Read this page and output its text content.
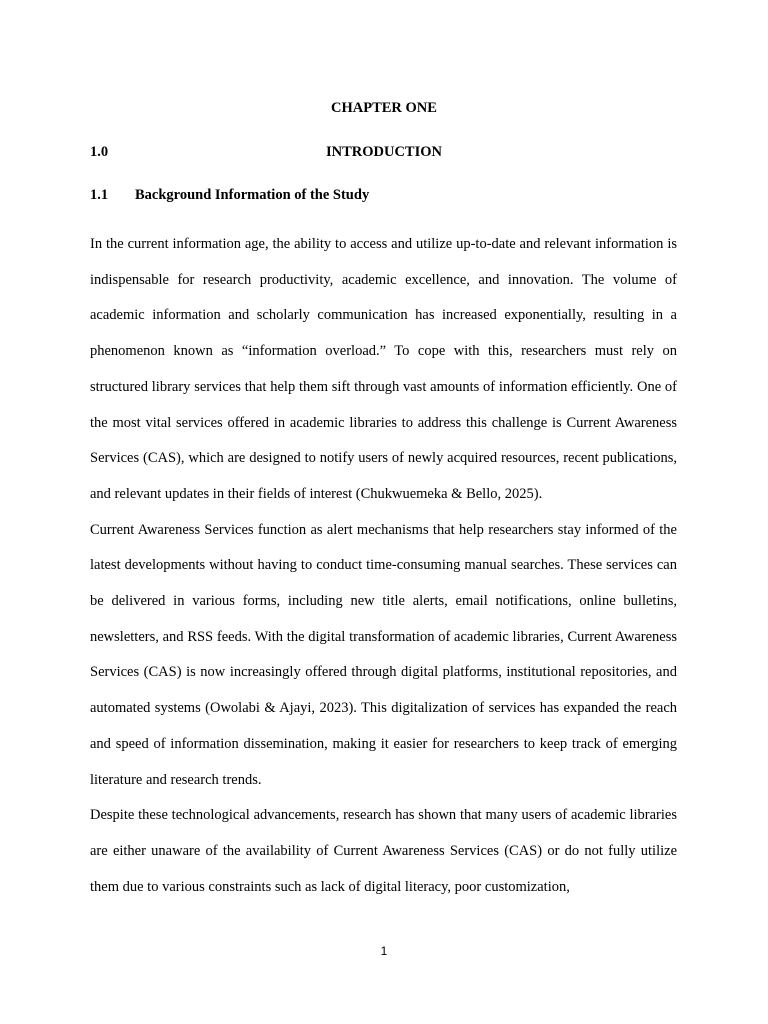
CHAPTER ONE
1.0	INTRODUCTION
1.1 Background Information of the Study

In the current information age, the ability to access and utilize up-to-date and relevant information is indispensable for research productivity, academic excellence, and innovation. The volume of academic information and scholarly communication has increased exponentially, resulting in a phenomenon known as “information overload.” To cope with this, researchers must rely on structured library services that help them sift through vast amounts of information efficiently. One of the most vital services offered in academic libraries to address this challenge is Current Awareness Services (CAS), which are designed to notify users of newly acquired resources, recent publications, and relevant updates in their fields of interest (Chukwuemeka & Bello, 2025).

Current Awareness Services function as alert mechanisms that help researchers stay informed of the latest developments without having to conduct time-consuming manual searches. These services can be delivered in various forms, including new title alerts, email notifications, online bulletins, newsletters, and RSS feeds. With the digital transformation of academic libraries, Current Awareness Services (CAS) is now increasingly offered through digital platforms, institutional repositories, and automated systems (Owolabi & Ajayi, 2023). This digitalization of services has expanded the reach and speed of information dissemination, making it easier for researchers to keep track of emerging literature and research trends.

Despite these technological advancements, research has shown that many users of academic libraries are either unaware of the availability of Current Awareness Services (CAS) or do not fully utilize them due to various constraints such as lack of digital literacy, poor customization,

1
